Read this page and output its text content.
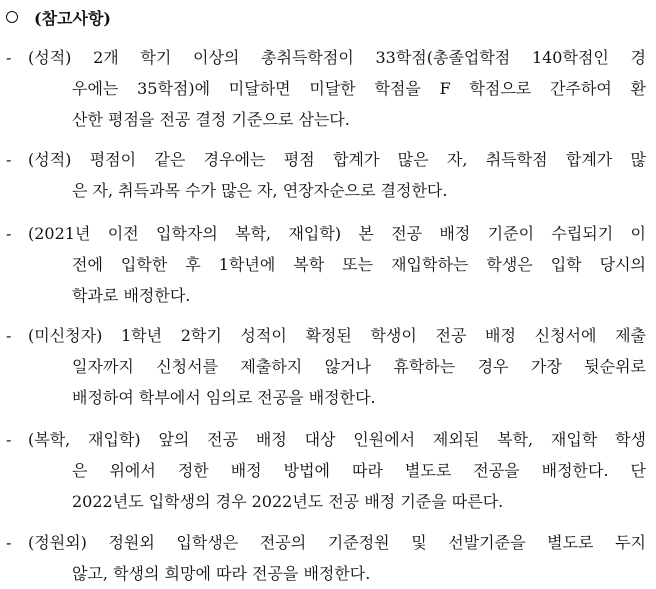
(참고사항)
-	(성적) 2개 학기 이상의 총취득학점이 33학점(총졸업학점 140학점인 경
우에는 35학점)에 미달하면 미달한 학점을 F 학점으로 간주하여 환
산한 평점을 전공 결정 기준으로 삼는다.
-	(성적) 평점이 같은 경우에는 평점 합계가 많은 자, 취득학점 합계가 많
은 자, 취득과목 수가 많은 자, 연장자순으로 결정한다.
-	(2021년 이전 입학자의 복학, 재입학) 본 전공 배정 기준이 수립되기 이
전에 입학한 후 1학년에 복학 또는 재입학하는 학생은 입학 당시의
학과로 배정한다.
-	(미신청자) 1학년 2학기 성적이 확정된 학생이 전공 배정 신청서에 제출
일자까지 신청서를 제출하지 않거나 휴학하는 경우 가장 뒷순위로
배정하여 학부에서 임의로 전공을 배정한다.
-	(복학, 재입학) 앞의 전공 배정 대상 인원에서 제외된 복학, 재입학 학생
은 위에서 정한 배정 방법에 따라 별도로 전공을 배정한다. 단
2022년도 입학생의 경우 2022년도 전공 배정 기준을 따른다.
-	(정원외) 정원외 입학생은 전공의 기준정원 및 선발기준을 별도로 두지
않고, 학생의 희망에 따라 전공을 배정한다.
